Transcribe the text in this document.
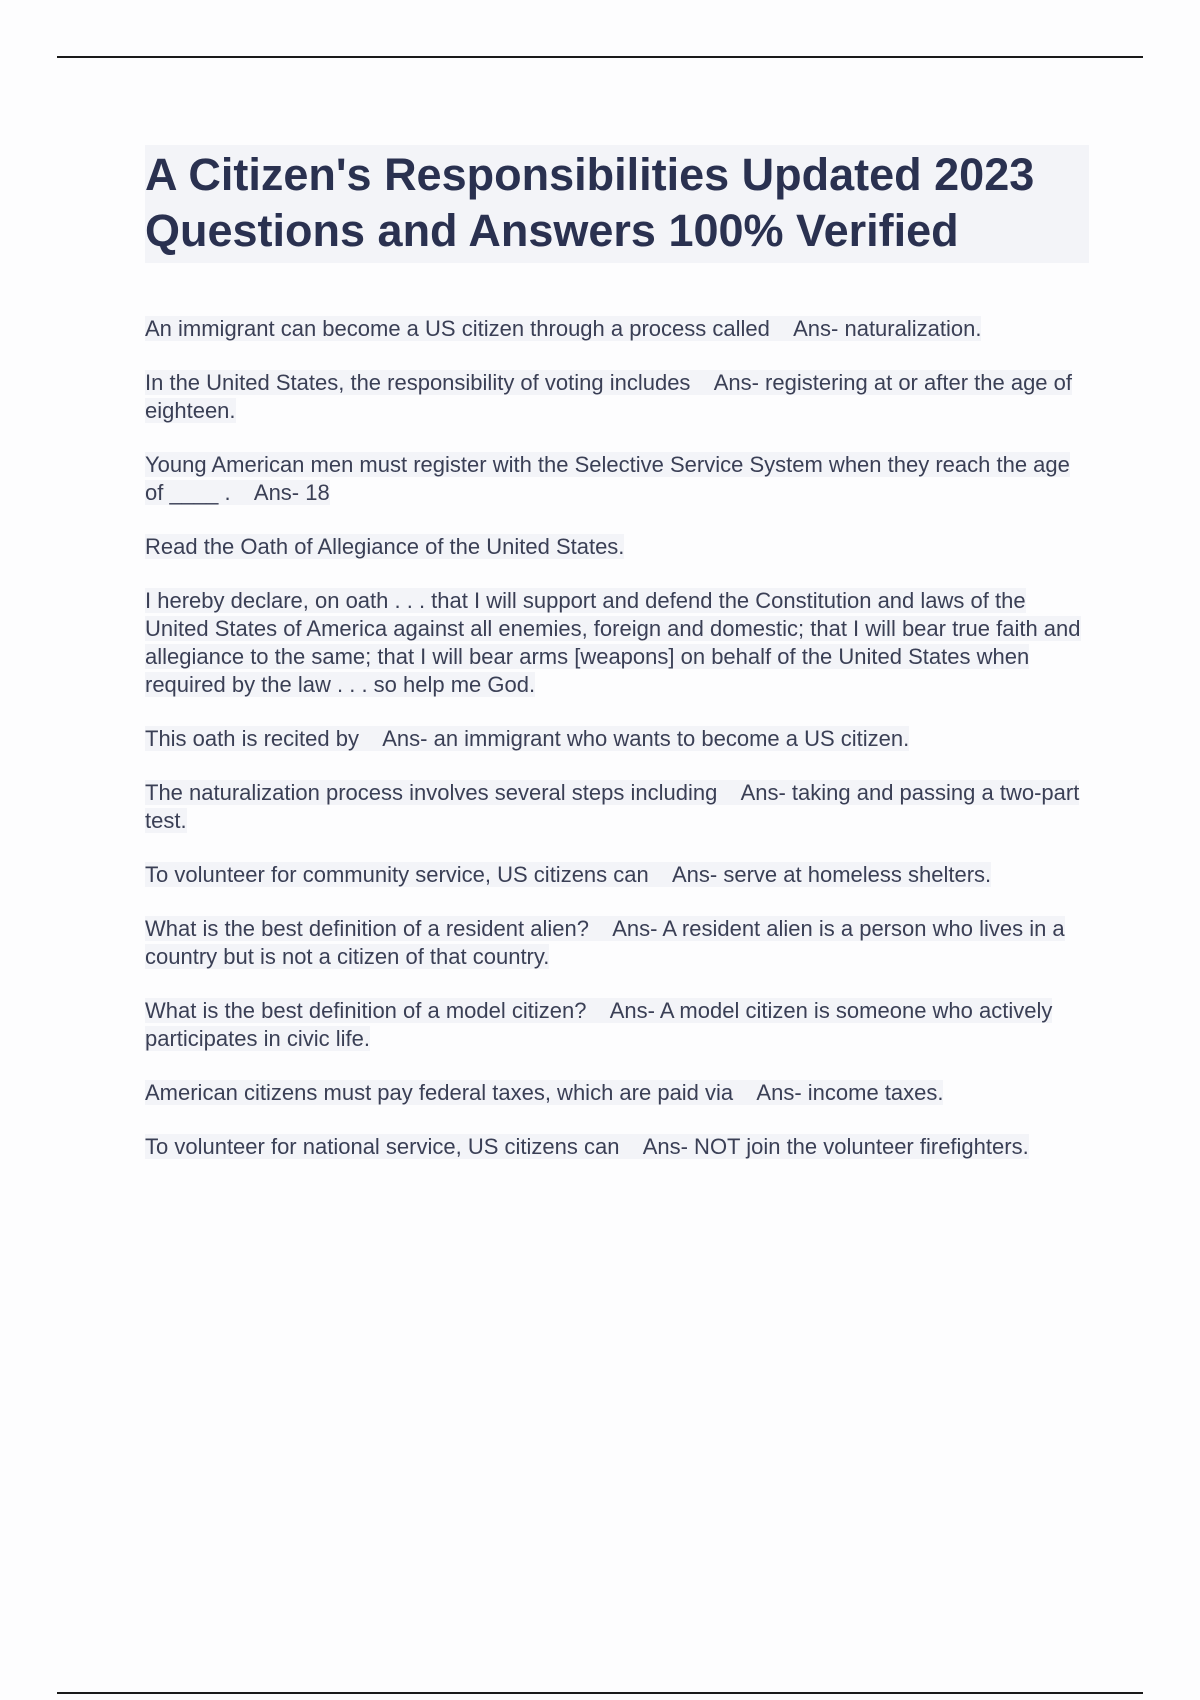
A Citizen's Responsibilities Updated 2023 Questions and Answers 100% Verified
An immigrant can become a US citizen through a process called Ans- naturalization.
In the United States, the responsibility of voting includes Ans- registering at or after the age of eighteen.
Young American men must register with the Selective Service System when they reach the age of ____ . Ans- 18
Read the Oath of Allegiance of the United States.
I hereby declare, on oath . . . that I will support and defend the Constitution and laws of the United States of America against all enemies, foreign and domestic; that I will bear true faith and allegiance to the same; that I will bear arms [weapons] on behalf of the United States when required by the law . . . so help me God.
This oath is recited by Ans- an immigrant who wants to become a US citizen.
The naturalization process involves several steps including Ans- taking and passing a two-part test.
To volunteer for community service, US citizens can Ans- serve at homeless shelters.
What is the best definition of a resident alien? Ans- A resident alien is a person who lives in a country but is not a citizen of that country.
What is the best definition of a model citizen? Ans- A model citizen is someone who actively participates in civic life.
American citizens must pay federal taxes, which are paid via Ans- income taxes.
To volunteer for national service, US citizens can Ans- NOT join the volunteer firefighters.
